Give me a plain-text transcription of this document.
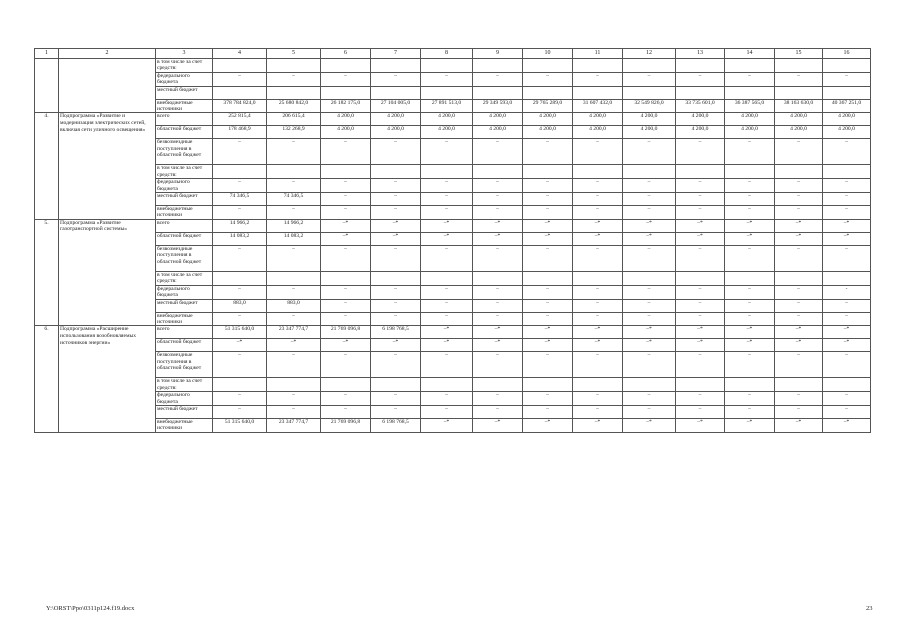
1	2	3	4	5	6	7	8	9	10	11	12	13	14	15	16
		в том числе за счет средств:													
		федерального бюджета	–	–	–	–	–	–	–	–	–	–	–	–	–
		местный бюджет													
		внебюджетные источники	378 784 824,0	25 680 842,0	26 182 175,0	27 104 005,0	27 891 513,0	29 349 593,0	29 765 289,0	31 607 432,0	32 549 826,0	33 735 601,0	36 387 565,0	38 163 630,0	40 367 251,0
4.	Подпрограмма «Развитие и модернизация электрических сетей, включая сети уличного освещения»	всего	252 815,4	206 615,4	4 200,0	4 200,0	4 200,0	4 200,0	4 200,0	4 200,0	4 200,0	4 200,0	4 200,0	4 200,0	4 200,0
		областной бюджет	178 468,9	132 268,9	4 200,0	4 200,0	4 200,0	4 200,0	4 200,0	4 200,0	4 200,0	4 200,0	4 200,0	4 200,0	4 200,0
		безвозмездные поступления в областной бюджет	–	–	–	–	–	–	–	–	–	–	–	–	–
		в том числе за счет средств:													
		федерального бюджета	–	–	–	–	–	–	–	–	–	–	–	–	–
		местный бюджет	74 346,5	74 346,5	–	–	–	–	–	–	–	–	–	–	–
		внебюджетные источники	–	–	–	–	–	–	–	–	–	–	–	–	–
5.	Подпрограмма «Развитие газотранспортной системы»	всего	14 966,2	14 966,2	–*	–*	–*	–*	–*	–*	–*	–*	–*	–*	–*
		областной бюджет	14 083,2	14 083,2	–*	–*	–*	–*	–*	–*	–*	–*	–*	–*	–*
		безвозмездные поступления в областной бюджет	–	–	–	–	–	–	–	–	–	–	–	–	–
		в том числе за счет средств:													
		федерального бюджета	–	–	–	–	–	–	–	–	–	–	–	–	-
		местный бюджет	883,0	883,0	–	–	–	–	–	–	–	–	–	–	–
		внебюджетные источники	–	–	–	–	–	–	–	–	–	–	–	–	–
6.	Подпрограмма «Расширение использования возобновляемых источников энергии»	всего	51 315 640,0	23 347 774,7	21 769 096,8	6 198 768,5	–*	–*	–*	–*	–*	–*	–*	–*	–*
		областной бюджет	–*	–*	–*	–*	–*	–*	–*	–*	–*	–*	–*	–*	–*
		безвозмездные поступления в областной бюджет	–	–	–	–	–	–	–	–	–	–	–	–	–
		в том числе за счет средств:													
		федерального бюджета	–	–	–	–	–	–	–	–	–	–	–	–	–
		местный бюджет	–	–	–	–	–	–	–	–	–	–	–	–	–
		внебюджетные источники	51 315 640,0	23 347 774,7	21 769 096,8	6 198 768,5	–*	–*	–*	–*	–*	–*	–*	–*	–*
Y:\ORST\Ppo\0311p124.f19.docx	23
